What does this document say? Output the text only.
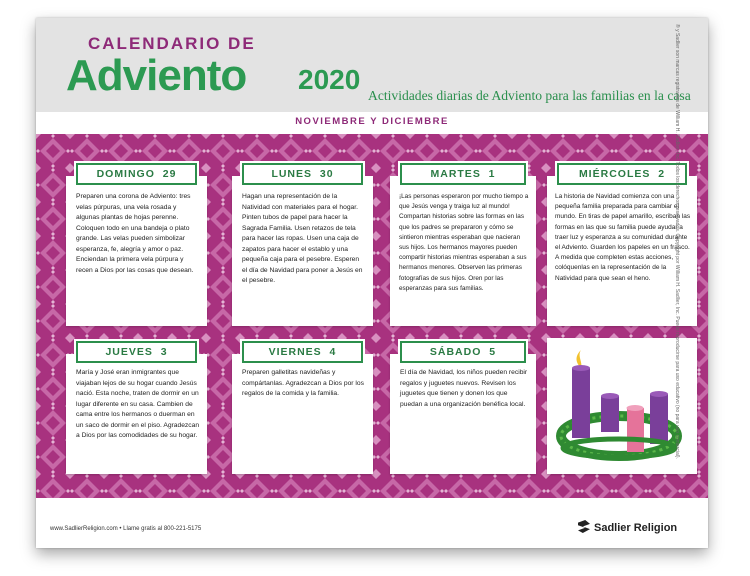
CALENDARIO DE
Adviento 2020
Actividades diarias de Adviento para las familias en la casa
NOVIEMBRE Y DICIEMBRE
DOMINGO 29
Preparen una corona de Adviento: tres velas púrpuras, una vela rosada y algunas plantas de hojas perenne. Coloquen todo en una bandeja o plato grande. Las velas pueden simbolizar esperanza, fe, alegría y amor o paz. Enciendan la primera vela púrpura y recen a Dios por las cosas que desean.
LUNES 30
Hagan una representación de la Natividad con materiales para el hogar. Pinten tubos de papel para hacer la Sagrada Familia. Usen retazos de tela para hacer las ropas. Usen una caja de zapatos para hacer el establo y una pequeña caja para el pesebre. Esperen el día de Navidad para poner a Jesús en el pesebre.
MARTES 1
¡Las personas esperaron por mucho tiempo a que Jesús venga y traiga luz al mundo! Compartan historias sobre las formas en las que los padres se prepararon y cómo se sintieron mientras esperaban que nacieran sus hijos. Los hermanos mayores pueden compartir historias mientras esperaban a sus hermanos menores. Observen las primeras fotografías de sus hijos. Oren por las esperanzas para sus familias.
MIÉRCOLES 2
La historia de Navidad comienza con una pequeña familia preparada para cambiar el mundo. En tiras de papel amarillo, escriban las formas en las que su familia puede ayudar a traer luz y esperanza a su comunidad durante el Adviento. Guarden los papeles en un frasco. A medida que completen estas acciones, colóquenlas en la representación de la Natividad para que sean el heno.
JUEVES 3
María y José eran inmigrantes que viajaban lejos de su hogar cuando Jesús nació. Esta noche, traten de dormir en un lugar diferente en su casa. Cambien de cama entre los hermanos o duerman en un saco de dormir en el piso. Agradezcan a Dios por las comodidades de su hogar.
VIERNES 4
Preparen galletitas navideñas y compártanlas. Agradezcan a Dios por los regalos de la comida y la familia.
SÁBADO 5
El día de Navidad, los niños pueden recibir regalos y juguetes nuevos. Revisen los juguetes que tienen y donen los que puedan a una organización benéfica local.
www.SadlierReligion.com • Llame gratis al 800-221-5175	Sadlier Religion
® y Sadlier son marcas registradas de William H. Sadlier, Inc. Todos los derechos reservados. Copyright por William H. Sadlier, Inc. Puede reproducirse para uso educativo (no para uso comercial).
